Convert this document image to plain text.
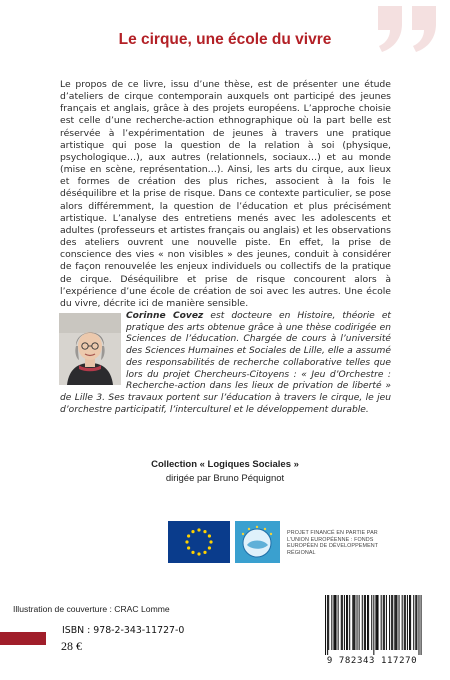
Le cirque, une école du vivre

Le propos de ce livre, issu d’une thèse, est de présenter une étude d’ateliers de cirque contemporain auxquels ont participé des jeunes français et anglais, grâce à des projets européens. L’approche choisie est celle d’une recherche-action ethnographique où la part belle est réservée à l’expérimentation de jeunes à travers une pratique artistique qui pose la question de la relation à soi (physique, psychologique…), aux autres (relationnels, sociaux…) et au monde (mise en scène, représentation…). Ainsi, les arts du cirque, aux lieux et formes de création des plus riches, associent à la fois le déséquilibre et la prise de risque. Dans ce contexte particulier, se pose alors différemment, la question de l’éducation et plus précisément artistique. L’analyse des entretiens menés avec les adolescents et adultes (professeurs et artistes français ou anglais) et les observations des ateliers ouvrent une nouvelle piste. En effet, la prise de conscience des vies « non visibles » des jeunes, conduit à considérer de façon renouvelée les enjeux individuels ou collectifs de la pratique de cirque. Déséquilibre et prise de risque concourent alors à l’expérience d’une école de création de soi avec les autres. Une école du vivre, décrite ici de manière sensible.

Corinne Covez est docteure en Histoire, théorie et pratique des arts obtenue grâce à une thèse codirigée en Sciences de l’éducation. Chargée de cours à l’université des Sciences Humaines et Sociales de Lille, elle a assumé des responsabilités de recherche collaborative telles que lors du projet Chercheurs-Citoyens : « Jeu d’Orchestre : Recherche-action dans les lieux de privation de liberté » de Lille 3. Ses travaux portent sur l’éducation à travers le cirque, le jeu d’orchestre participatif, l’interculturel et le développement durable.

Collection « Logiques Sociales »
dirigée par Bruno Péquignot
PROJET FINANCÉ EN PARTIE PAR L’UNION EUROPÉENNE : FONDS EUROPÉEN DE DÉVELOPPEMENT RÉGIONAL
Illustration de couverture : CRAC Lomme
ISBN : 978-2-343-11727-0
28 €
9 782343 117270
